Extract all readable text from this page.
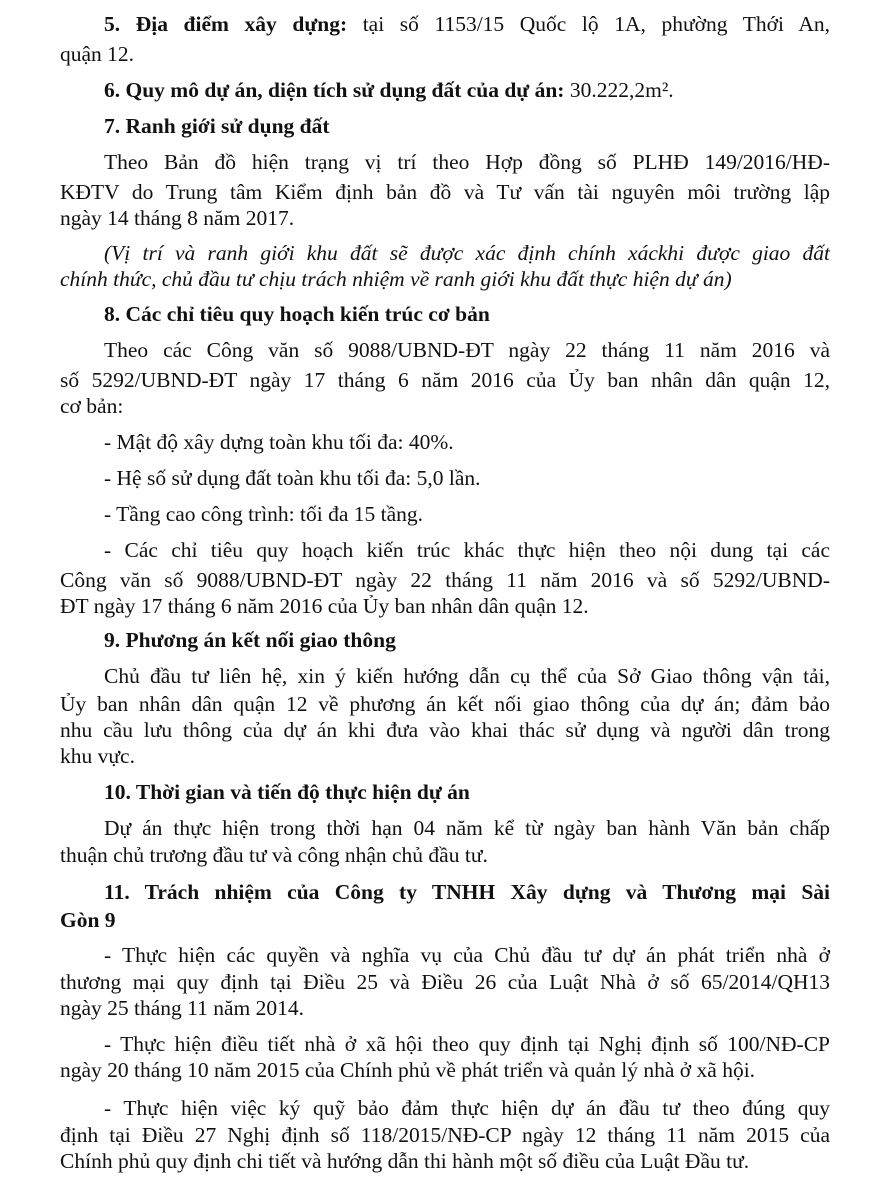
5. Địa điểm xây dựng: tại số 1153/15 Quốc lộ 1A, phường Thới An,
quận 12.
6. Quy mô dự án, diện tích sử dụng đất của dự án: 30.222,2m².
7. Ranh giới sử dụng đất
Theo Bản đồ hiện trạng vị trí theo Hợp đồng số PLHĐ 149/2016/HĐ-
KĐTV do Trung tâm Kiểm định bản đồ và Tư vấn tài nguyên môi trường lập
ngày 14 tháng 8 năm 2017.
(Vị trí và ranh giới khu đất sẽ được xác định chính xáckhi được giao đất
chính thức, chủ đầu tư chịu trách nhiệm về ranh giới khu đất thực hiện dự án)
8. Các chỉ tiêu quy hoạch kiến trúc cơ bản
Theo các Công văn số 9088/UBND-ĐT ngày 22 tháng 11 năm 2016 và
số 5292/UBND-ĐT ngày 17 tháng 6 năm 2016 của Ủy ban nhân dân quận 12,
cơ bản:
- Mật độ xây dựng toàn khu tối đa: 40%.
- Hệ số sử dụng đất toàn khu tối đa: 5,0 lần.
- Tầng cao công trình: tối đa 15 tầng.
- Các chỉ tiêu quy hoạch kiến trúc khác thực hiện theo nội dung tại các
Công văn số 9088/UBND-ĐT ngày 22 tháng 11 năm 2016 và số 5292/UBND-
ĐT ngày 17 tháng 6 năm 2016 của Ủy ban nhân dân quận 12.
9. Phương án kết nối giao thông
Chủ đầu tư liên hệ, xin ý kiến hướng dẫn cụ thể của Sở Giao thông vận tải,
Ủy ban nhân dân quận 12 về phương án kết nối giao thông của dự án; đảm bảo
nhu cầu lưu thông của dự án khi đưa vào khai thác sử dụng và người dân trong
khu vực.
10. Thời gian và tiến độ thực hiện dự án
Dự án thực hiện trong thời hạn 04 năm kể từ ngày ban hành Văn bản chấp
thuận chủ trương đầu tư và công nhận chủ đầu tư.
11. Trách nhiệm của Công ty TNHH Xây dựng và Thương mại Sài
Gòn 9
- Thực hiện các quyền và nghĩa vụ của Chủ đầu tư dự án phát triển nhà ở
thương mại quy định tại Điều 25 và Điều 26 của Luật Nhà ở số 65/2014/QH13
ngày 25 tháng 11 năm 2014.
- Thực hiện điều tiết nhà ở xã hội theo quy định tại Nghị định số 100/NĐ-CP
ngày 20 tháng 10 năm 2015 của Chính phủ về phát triển và quản lý nhà ở xã hội.
- Thực hiện việc ký quỹ bảo đảm thực hiện dự án đầu tư theo đúng quy
định tại Điều 27 Nghị định số 118/2015/NĐ-CP ngày 12 tháng 11 năm 2015 của
Chính phủ quy định chi tiết và hướng dẫn thi hành một số điều của Luật Đầu tư.
